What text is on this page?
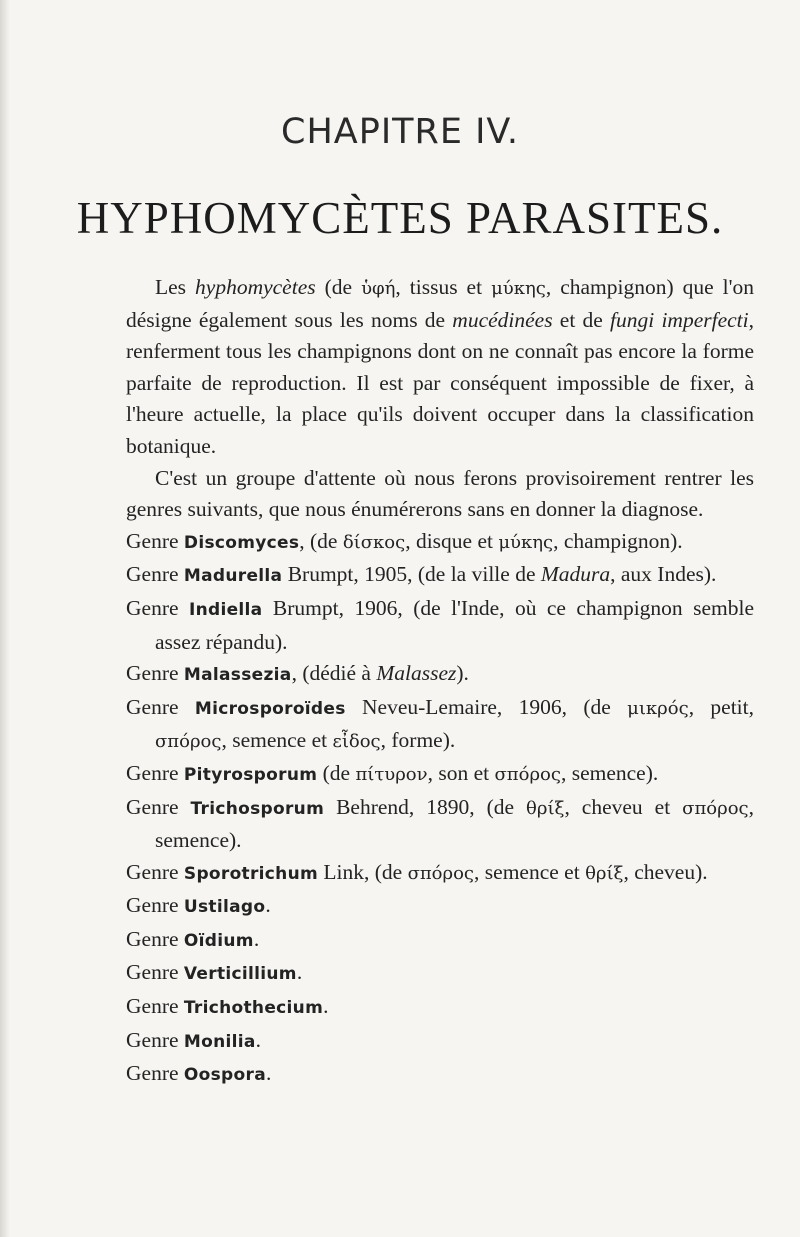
CHAPITRE IV.
HYPHOMYCÈTES PARASITES.

Les hyphomycètes (de ὑφή, tissus et μύκης, champignon) que l'on désigne également sous les noms de mucédinées et de fungi imperfecti, renferment tous les champignons dont on ne connaît pas encore la forme parfaite de reproduction. Il est par conséquent impossible de fixer, à l'heure actuelle, la place qu'ils doivent occuper dans la classification botanique.

C'est un groupe d'attente où nous ferons provisoirement rentrer les genres suivants, que nous énumérerons sans en donner la diagnose.

Genre Discomyces, (de δίσκος, disque et μύκης, champignon).

Genre Madurella Brumpt, 1905, (de la ville de Madura, aux Indes).

Genre Indiella Brumpt, 1906, (de l'Inde, où ce champignon semble assez répandu).

Genre Malassezia, (dédié à Malassez).

Genre Microsporoïdes Neveu-Lemaire, 1906, (de μικρός, petit, σπόρος, semence et εἶδος, forme).

Genre Pityrosporum (de πίτυρον, son et σπόρος, semence).

Genre Trichosporum Behrend, 1890, (de θρίξ, cheveu et σπόρος, semence).

Genre Sporotrichum Link, (de σπόρος, semence et θρίξ, cheveu).

Genre Ustilago.

Genre Oïdium.

Genre Verticillium.

Genre Trichothecium.

Genre Monilia.

Genre Oospora.
